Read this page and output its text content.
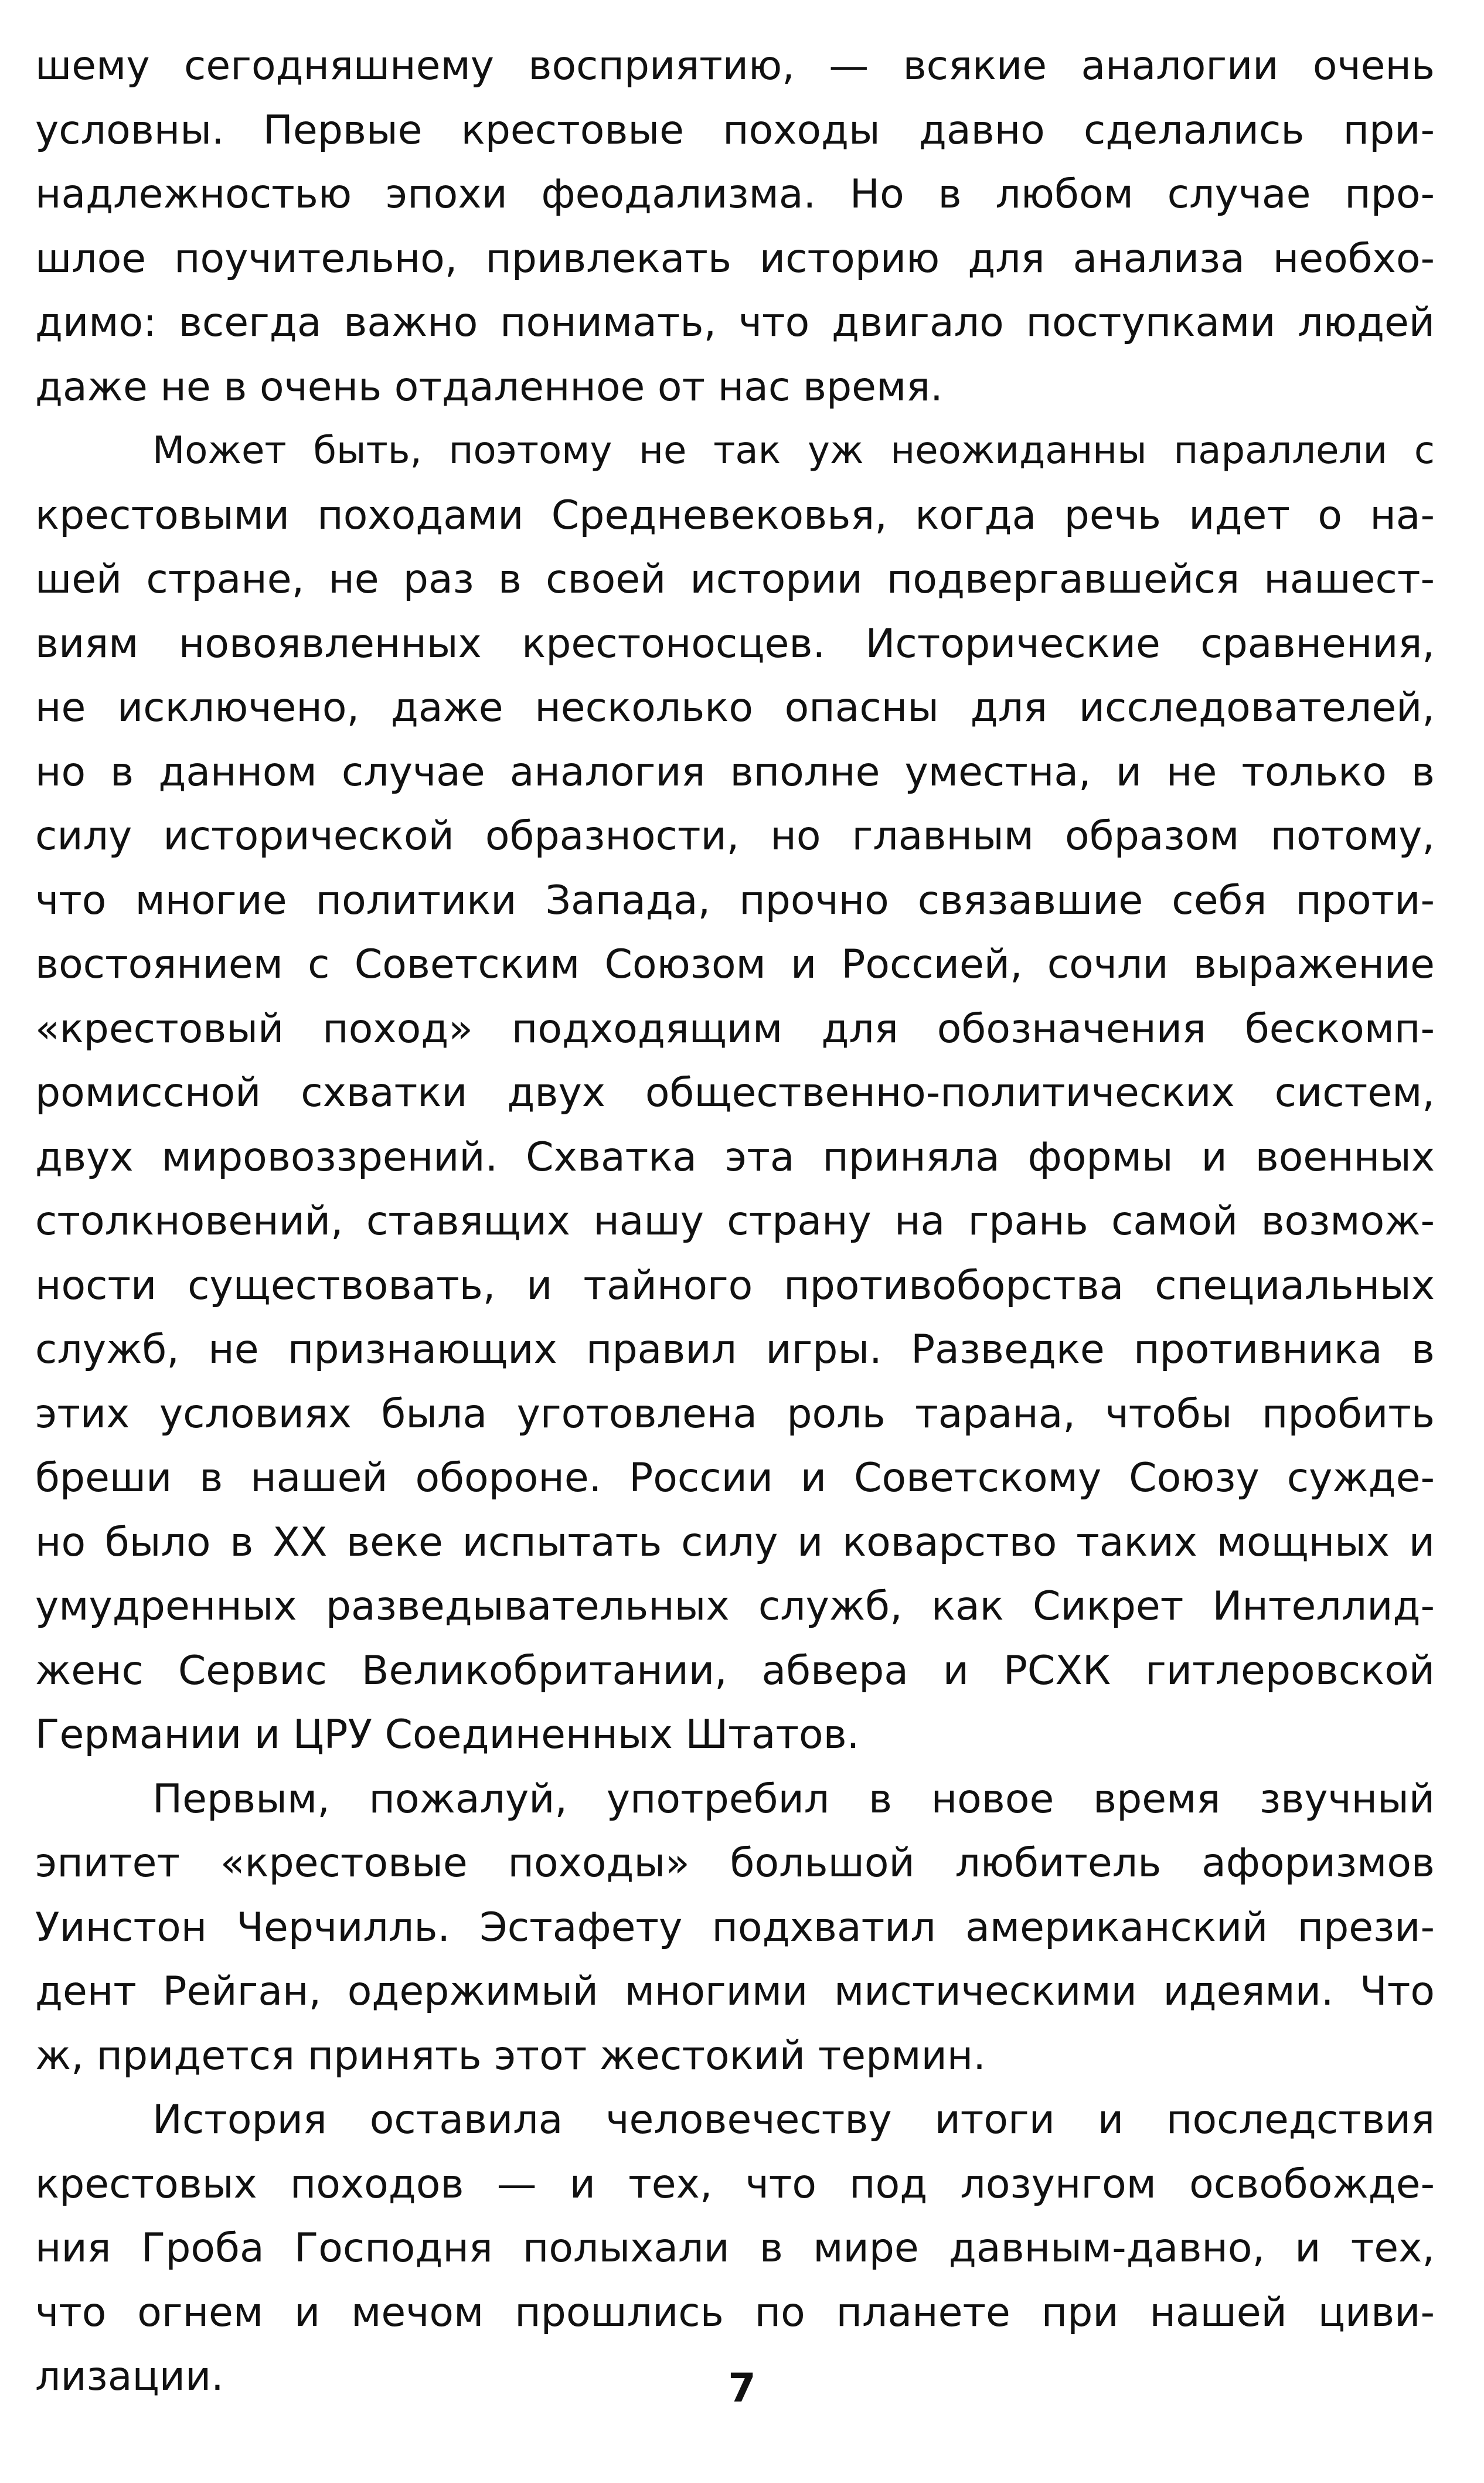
шему сегодняшнему восприятию, — всякие аналогии очень
условны. Первые крестовые походы давно сделались при-
надлежностью эпохи феодализма. Но в любом случае про-
шлое поучительно, привлекать историю для анализа необхо-
димо: всегда важно понимать, что двигало поступками людей
даже не в очень отдаленное от нас время.
Может быть, поэтому не так уж неожиданны параллели с
крестовыми походами Средневековья, когда речь идет о на-
шей стране, не раз в своей истории подвергавшейся нашест-
виям новоявленных крестоносцев. Исторические сравнения,
не исключено, даже несколько опасны для исследователей,
но в данном случае аналогия вполне уместна, и не только в
силу исторической образности, но главным образом потому,
что многие политики Запада, прочно связавшие себя проти-
востоянием с Советским Союзом и Россией, сочли выражение
«крестовый поход» подходящим для обозначения бескомп-
ромиссной схватки двух общественно-политических систем,
двух мировоззрений. Схватка эта приняла формы и военных
столкновений, ставящих нашу страну на грань самой возмож-
ности существовать, и тайного противоборства специальных
служб, не признающих правил игры. Разведке противника в
этих условиях была уготовлена роль тарана, чтобы пробить
бреши в нашей обороне. России и Советскому Союзу сужде-
но было в XX веке испытать силу и коварство таких мощных и
умудренных разведывательных служб, как Сикрет Интеллид-
женс Сервис Великобритании, абвера и РСХК гитлеровской
Германии и ЦРУ Соединенных Штатов.
Первым, пожалуй, употребил в новое время звучный
эпитет «крестовые походы» большой любитель афоризмов
Уинстон Черчилль. Эстафету подхватил американский прези-
дент Рейган, одержимый многими мистическими идеями. Что
ж, придется принять этот жестокий термин.
История оставила человечеству итоги и последствия
крестовых походов — и тех, что под лозунгом освобожде-
ния Гроба Господня полыхали в мире давным-давно, и тех,
что огнем и мечом прошлись по планете при нашей циви-
лизации.	7
